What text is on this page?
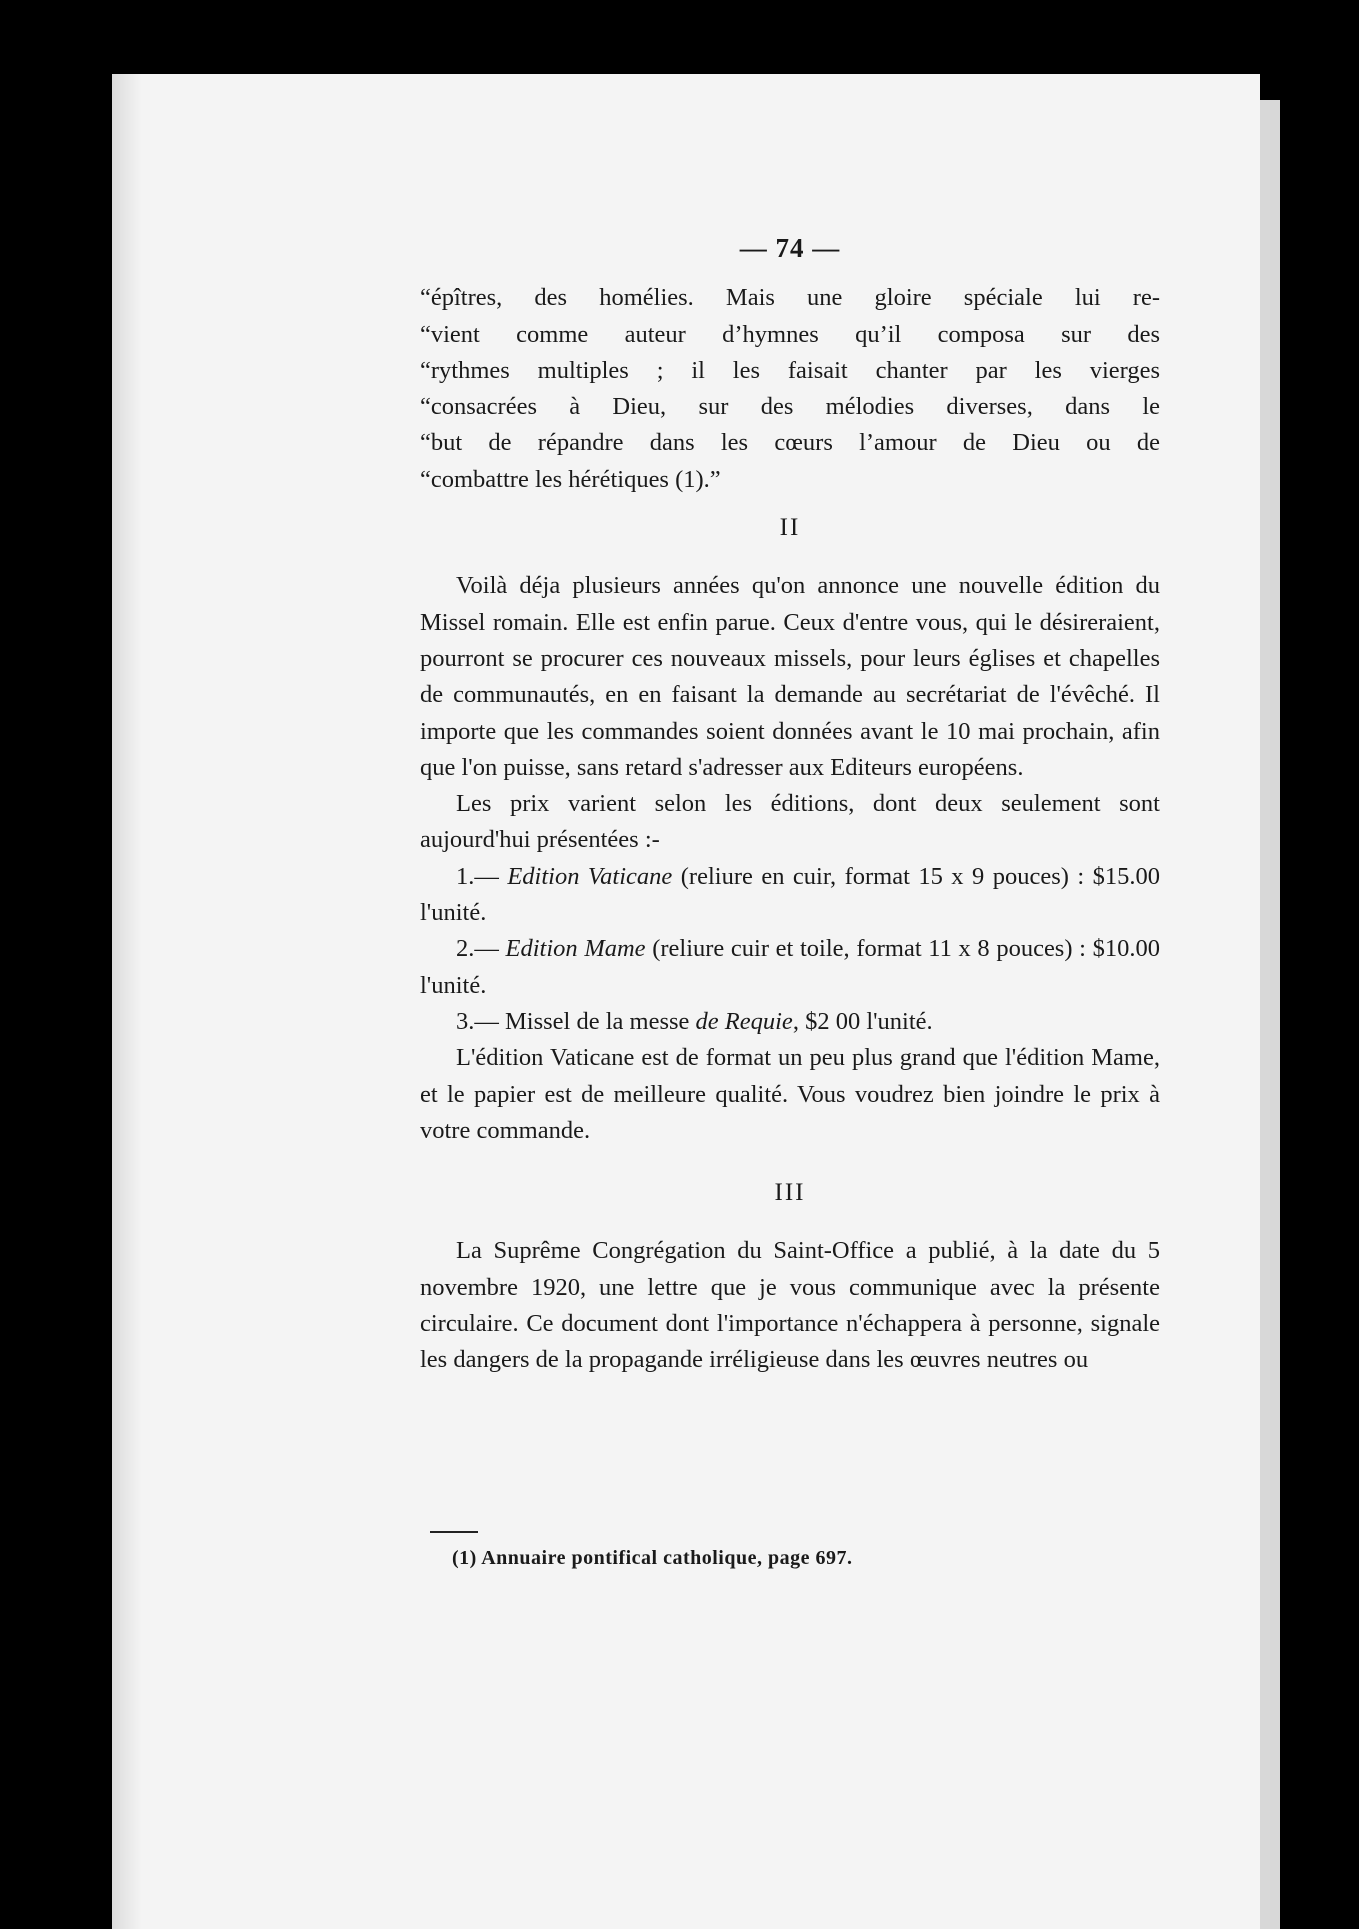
— 74 —

“épîtres, des homélies. Mais une gloire spéciale lui re-

“vient comme auteur d’hymnes qu’il composa sur des

“rythmes multiples ; il les faisait chanter par les vierges

“consacrées à Dieu, sur des mélodies diverses, dans le

“but de répandre dans les cœurs l’amour de Dieu ou de

“combattre les hérétiques (1).”

II

Voilà déja plusieurs années qu'on annonce une nouvelle édition du Missel romain. Elle est enfin parue. Ceux d'entre vous, qui le désireraient, pourront se procurer ces nouveaux missels, pour leurs églises et chapelles de communautés, en en faisant la demande au secrétariat de l'évêché. Il importe que les commandes soient données avant le 10 mai prochain, afin que l'on puisse, sans retard s'adresser aux Editeurs européens.

Les prix varient selon les éditions, dont deux seulement sont aujourd'hui présentées :-

1.— Edition Vaticane (reliure en cuir, format 15 x 9 pouces) : $15.00 l'unité.

2.— Edition Mame (reliure cuir et toile, format 11 x 8 pouces) : $10.00 l'unité.

3.— Missel de la messe de Requie, $2 00 l'unité.

L'édition Vaticane est de format un peu plus grand que l'édition Mame, et le papier est de meilleure qualité. Vous voudrez bien joindre le prix à votre commande.

III

La Suprême Congrégation du Saint-Office a publié, à la date du 5 novembre 1920, une lettre que je vous communique avec la présente circulaire. Ce document dont l'importance n'échappera à personne, signale les dangers de la propagande irréligieuse dans les œuvres neutres ou

(1) Annuaire pontifical catholique, page 697.
